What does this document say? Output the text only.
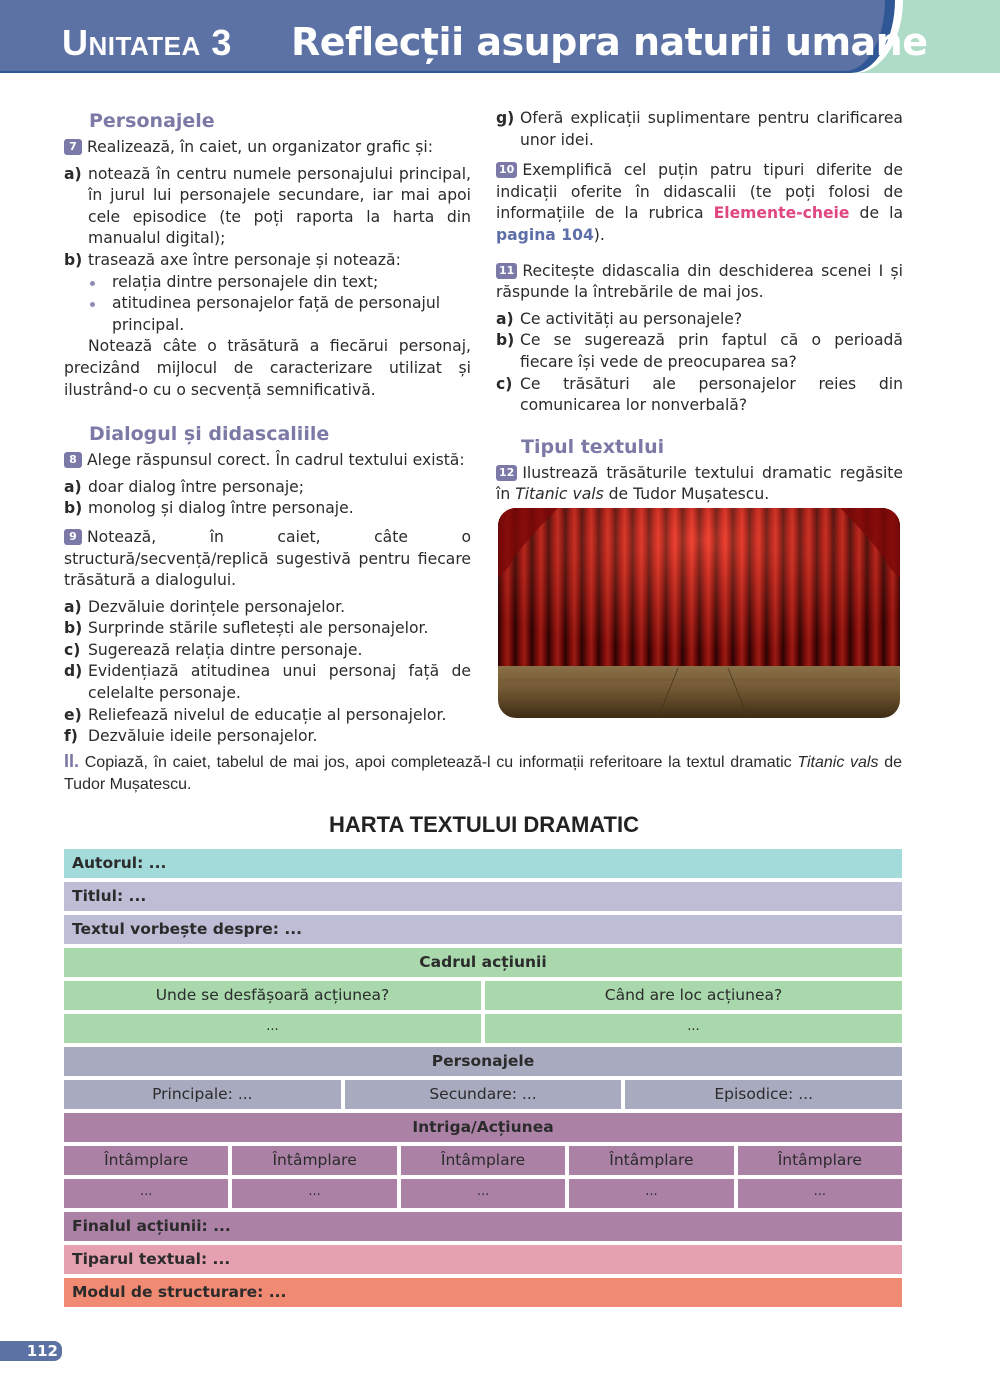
UNITATEA 3 Reflecții asupra naturii umane
Personajele
7 Realizează, în caiet, un organizator grafic și:
a) notează în centru numele personajului principal, în jurul lui personajele secundare, iar mai apoi cele episodice (te poți raporta la harta din manualul digital);
b) trasează axe între personaje și notează:
relația dintre personajele din text;
atitudinea personajelor față de personajul principal.
Notează câte o trăsătură a fiecărui personaj, precizând mijlocul de caracterizare utilizat și ilustrând-o cu o secvență semnificativă.
Dialogul și didascaliile
8 Alege răspunsul corect. În cadrul textului există:
a) doar dialog între personaje;
b) monolog și dialog între personaje.
9 Notează, în caiet, câte o structură/secvență/replică sugestivă pentru fiecare trăsătură a dialogului.
a) Dezvăluie dorințele personajelor.
b) Surprinde stările sufletești ale personajelor.
c) Sugerează relația dintre personaje.
d) Evidențiază atitudinea unui personaj față de celelalte personaje.
e) Reliefează nivelul de educație al personajelor.
f) Dezvăluie ideile personajelor.
g) Oferă explicații suplimentare pentru clarificarea unor idei.
10 Exemplifică cel puțin patru tipuri diferite de indicații oferite în didascalii (te poți folosi de informațiile de la rubrica Elemente-cheie de la pagina 104).
11 Recitește didascalia din deschiderea scenei I și răspunde la întrebările de mai jos.
a) Ce activități au personajele?
b) Ce se sugerează prin faptul că o perioadă fiecare își vede de preocuparea sa?
c) Ce trăsături ale personajelor reies din comunicarea lor nonverbală?
Tipul textului
12 Ilustrează trăsăturile textului dramatic regăsite în Titanic vals de Tudor Mușatescu.
II. Copiază, în caiet, tabelul de mai jos, apoi completează-l cu informații referitoare la textul dramatic Titanic vals de Tudor Mușatescu.
HARTA TEXTULUI DRAMATIC
Autorul: ...
Titlul: ...
Textul vorbește despre: ...
Cadrul acțiunii
Unde se desfășoară acțiunea?	Când are loc acțiunea?
...	...
Personajele
Principale: ...	Secundare: ...	Episodice: ...
Intriga/Acțiunea
Întâmplare	Întâmplare	Întâmplare	Întâmplare	Întâmplare
...	...	...	...	...
Finalul acțiunii: ...
Tiparul textual: ...
Modul de structurare: ...
112
